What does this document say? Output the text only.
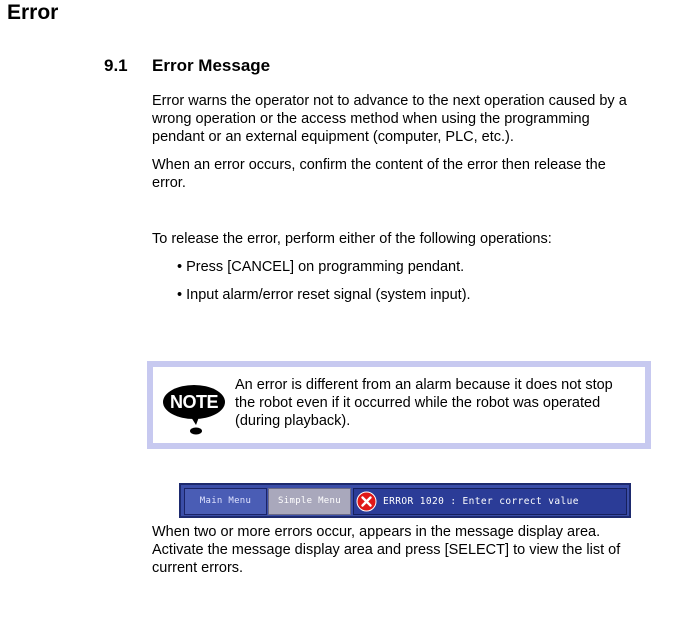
Error
9.1 Error Message
Error warns the operator not to advance to the next operation caused by a
wrong operation or the access method when using the programming
pendant or an external equipment (computer, PLC, etc.).
When an error occurs, confirm the content of the error then release the
error.
To release the error, perform either of the following operations:
• Press [CANCEL] on programming pendant.
• Input alarm/error reset signal (system input).
NOTE
An error is different from an alarm because it does not stop
the robot even if it occurred while the robot was operated
(during playback).
Main Menu	Simple Menu	ERROR 1020 : Enter correct value
When two or more errors occur, appears in the message display area.
Activate the message display area and press [SELECT] to view the list of
current errors.
